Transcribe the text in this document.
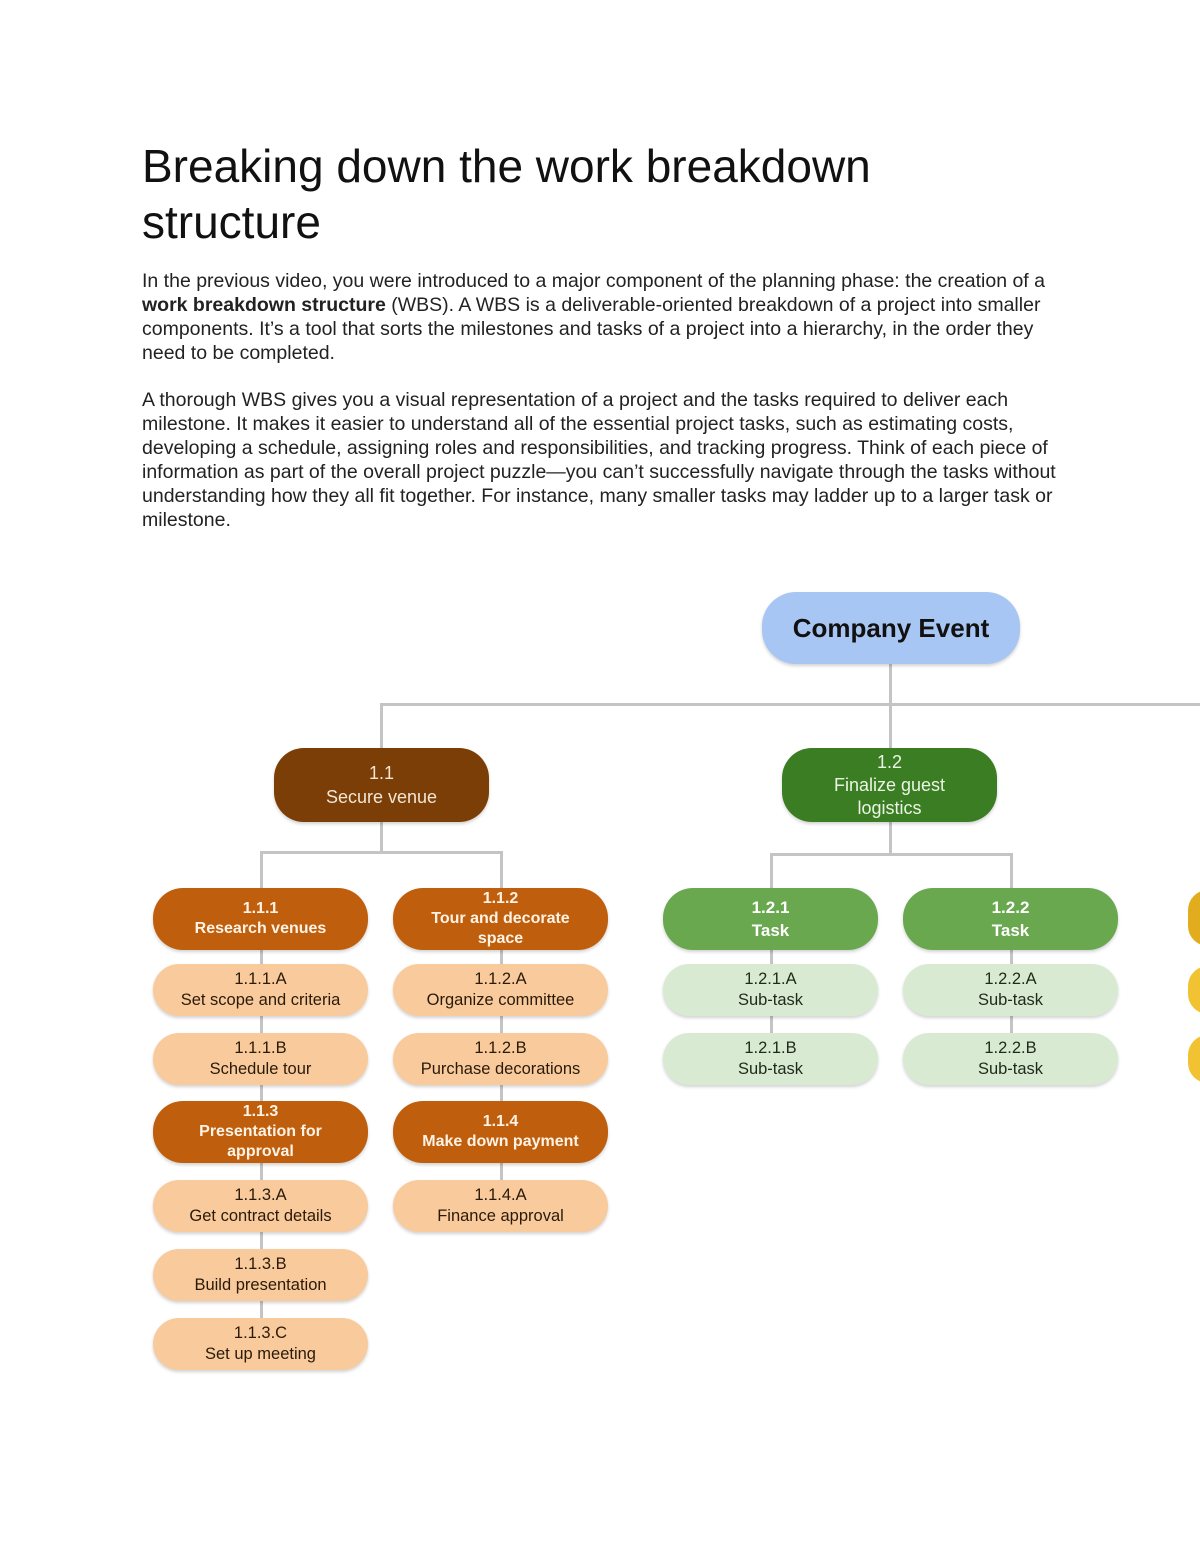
Breaking down the work breakdown structure

In the previous video, you were introduced to a major component of the planning phase: the creation of a work breakdown structure (WBS). A WBS is a deliverable-oriented breakdown of a project into smaller components. It’s a tool that sorts the milestones and tasks of a project into a hierarchy, in the order they need to be completed.

A thorough WBS gives you a visual representation of a project and the tasks required to deliver each milestone. It makes it easier to understand all of the essential project tasks, such as estimating costs, developing a schedule, assigning roles and responsibilities, and tracking progress. Think of each piece of information as part of the overall project puzzle—you can’t successfully navigate through the tasks without understanding how they all fit together. For instance, many smaller tasks may ladder up to a larger task or milestone.

Company Event
1.1
Secure venue
1.2
Finalize guest logistics
1.1.1
Research venues
1.1.1.A
Set scope and criteria
1.1.1.B
Schedule tour
1.1.3
Presentation for approval
1.1.3.A
Get contract details
1.1.3.B
Build presentation
1.1.3.C
Set up meeting
1.1.2
Tour and decorate space
1.1.2.A
Organize committee
1.1.2.B
Purchase decorations
1.1.4
Make down payment
1.1.4.A
Finance approval
1.2.1
Task
1.2.1.A
Sub-task
1.2.1.B
Sub-task
1.2.2
Task
1.2.2.A
Sub-task
1.2.2.B
Sub-task
